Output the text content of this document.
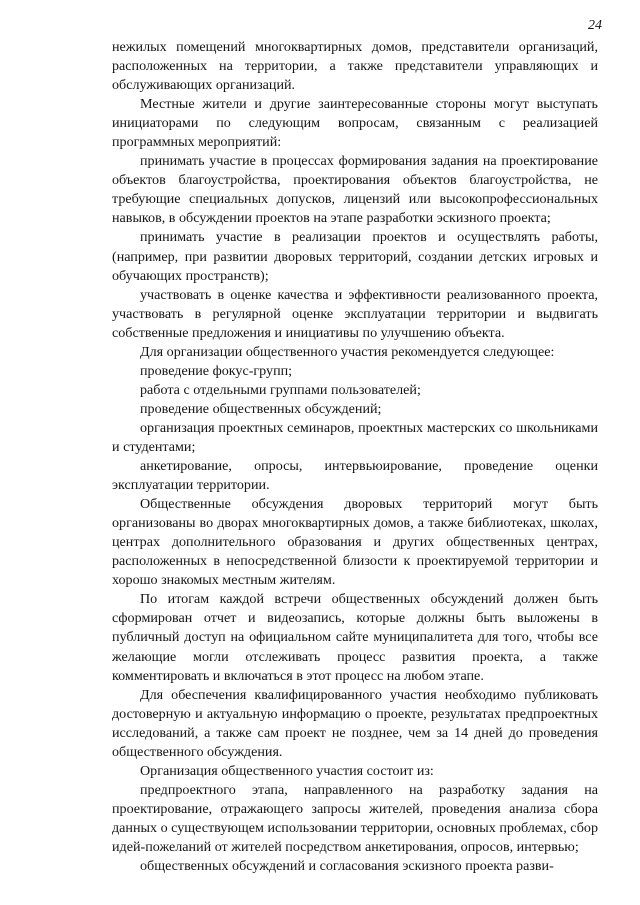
24

нежилых помещений многоквартирных домов, представители организаций, расположенных на территории, а также представители управляющих и обслуживающих организаций.

Местные жители и другие заинтересованные стороны могут выступать инициаторами по следующим вопросам, связанным с реализацией программных мероприятий:

принимать участие в процессах формирования задания на проектирование объектов благоустройства, проектирования объектов благоустройства, не требующие специальных допусков, лицензий или высокопрофессиональных навыков, в обсуждении проектов на этапе разработки эскизного проекта;

принимать участие в реализации проектов и осуществлять работы, (например, при развитии дворовых территорий, создании детских игровых и обучающих пространств);

участвовать в оценке качества и эффективности реализованного проекта, участвовать в регулярной оценке эксплуатации территории и выдвигать собственные предложения и инициативы по улучшению объекта.

Для организации общественного участия рекомендуется следующее:

проведение фокус-групп;

работа с отдельными группами пользователей;

проведение общественных обсуждений;

организация проектных семинаров, проектных мастерских со школьниками и студентами;

анкетирование, опросы, интервьюирование, проведение оценки эксплуатации территории.

Общественные обсуждения дворовых территорий могут быть организованы во дворах многоквартирных домов, а также библиотеках, школах, центрах дополнительного образования и других общественных центрах, расположенных в непосредственной близости к проектируемой территории и хорошо знакомых местным жителям.

По итогам каждой встречи общественных обсуждений должен быть сформирован отчет и видеозапись, которые должны быть выложены в публичный доступ на официальном сайте муниципалитета для того, чтобы все желающие могли отслеживать процесс развития проекта, а также комментировать и включаться в этот процесс на любом этапе.

Для обеспечения квалифицированного участия необходимо публиковать достоверную и актуальную информацию о проекте, результатах предпроектных исследований, а также сам проект не позднее, чем за 14 дней до проведения общественного обсуждения.

Организация общественного участия состоит из:

предпроектного этапа, направленного на разработку задания на проектирование, отражающего запросы жителей, проведения анализа сбора данных о существующем использовании территории, основных проблемах, сбор идей-пожеланий от жителей посредством анкетирования, опросов, интервью;

общественных обсуждений и согласования эскизного проекта разви-
